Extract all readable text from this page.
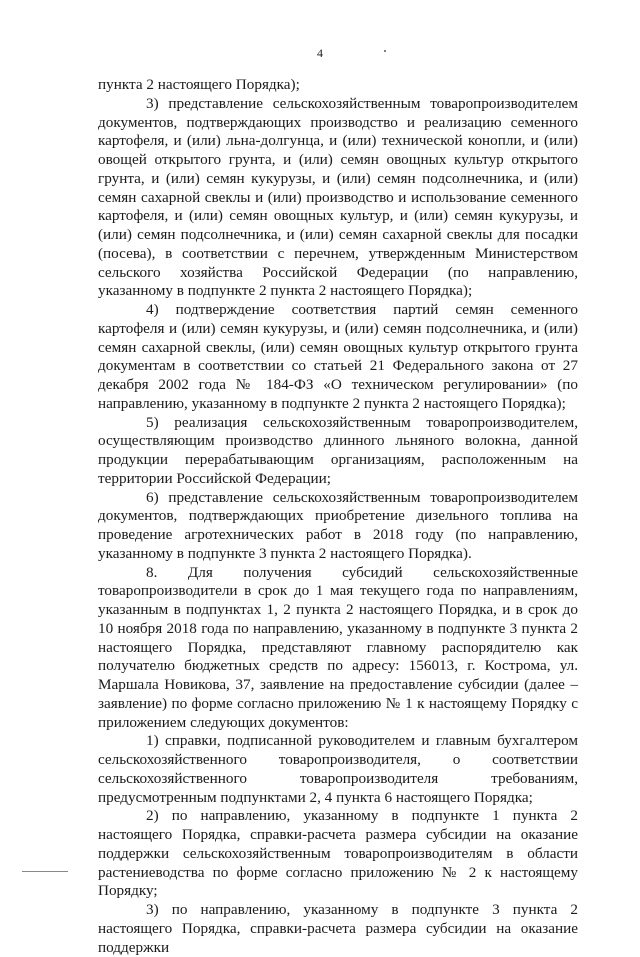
4

пункта 2 настоящего Порядка);

3) представление сельскохозяйственным товаропроизводителем документов, подтверждающих производство и реализацию семенного картофеля, и (или) льна-долгунца, и (или) технической конопли, и (или) овощей открытого грунта, и (или) семян овощных культур открытого грунта, и (или) семян кукурузы, и (или) семян подсолнечника, и (или) семян сахарной свеклы и (или) производство и использование семенного картофеля, и (или) семян овощных культур, и (или) семян кукурузы, и (или) семян подсолнечника, и (или) семян сахарной свеклы для посадки (посева), в соответствии с перечнем, утвержденным Министерством сельского хозяйства Российской Федерации (по направлению, указанному в подпункте 2 пункта 2 настоящего Порядка);

4) подтверждение соответствия партий семян семенного картофеля и (или) семян кукурузы, и (или) семян подсолнечника, и (или) семян сахарной свеклы, (или) семян овощных культур открытого грунта документам в соответствии со статьей 21 Федерального закона от 27 декабря 2002 года № 184-ФЗ «О техническом регулировании» (по направлению, указанному в подпункте 2 пункта 2 настоящего Порядка);

5) реализация сельскохозяйственным товаропроизводителем, осуществляющим производство длинного льняного волокна, данной продукции перерабатывающим организациям, расположенным на территории Российской Федерации;

6) представление сельскохозяйственным товаропроизводителем документов, подтверждающих приобретение дизельного топлива на проведение агротехнических работ в 2018 году (по направлению, указанному в подпункте 3 пункта 2 настоящего Порядка).

8. Для получения субсидий сельскохозяйственные товаропроизводители в срок до 1 мая текущего года по направлениям, указанным в подпунктах 1, 2 пункта 2 настоящего Порядка, и в срок до 10 ноября 2018 года по направлению, указанному в подпункте 3 пункта 2 настоящего Порядка, представляют главному распорядителю как получателю бюджетных средств по адресу: 156013, г. Кострома, ул. Маршала Новикова, 37, заявление на предоставление субсидии (далее – заявление) по форме согласно приложению № 1 к настоящему Порядку с приложением следующих документов:

1) справки, подписанной руководителем и главным бухгалтером сельскохозяйственного товаропроизводителя, о соответствии сельскохозяйственного товаропроизводителя требованиям, предусмотренным подпунктами 2, 4 пункта 6 настоящего Порядка;

2) по направлению, указанному в подпункте 1 пункта 2 настоящего Порядка, справки-расчета размера субсидии на оказание поддержки сельскохозяйственным товаропроизводителям в области растениеводства по форме согласно приложению № 2 к настоящему Порядку;

3) по направлению, указанному в подпункте 3 пункта 2 настоящего Порядка, справки-расчета размера субсидии на оказание поддержки
